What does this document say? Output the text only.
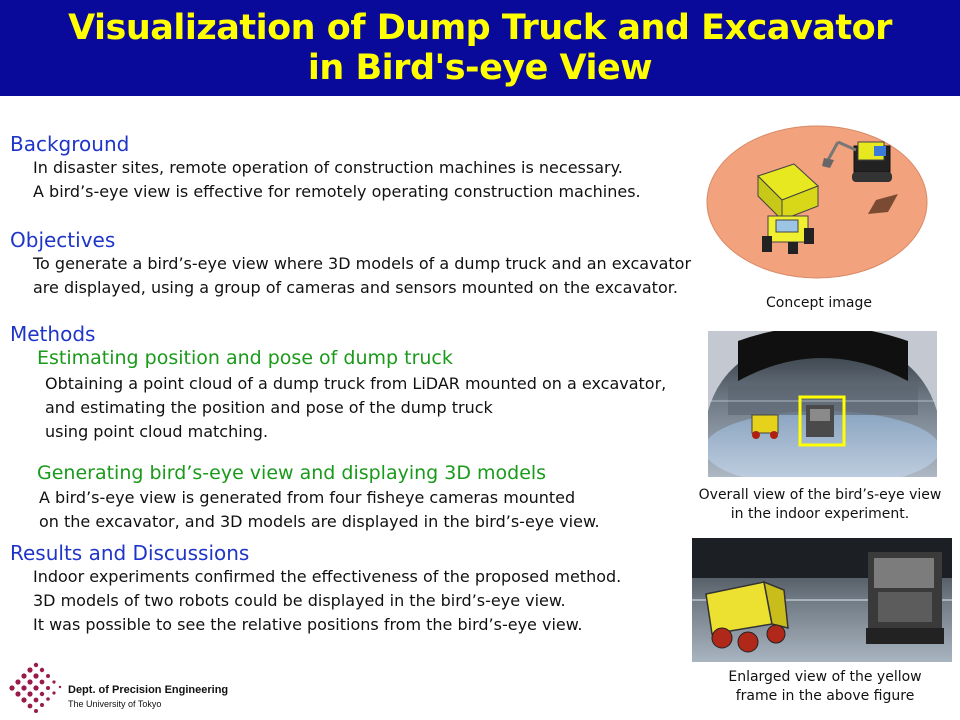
Visualization of Dump Truck and Excavator
in Bird's-eye View
Background
In disaster sites, remote operation of construction machines is necessary.
A bird’s-eye view is effective for remotely operating construction machines.
Objectives
To generate a bird’s-eye view where 3D models of a dump truck and an excavator
are displayed, using a group of cameras and sensors mounted on the excavator.
Methods
Estimating position and pose of dump truck
Obtaining a point cloud of a dump truck from LiDAR mounted on a excavator,
and estimating the position and pose of the dump truck
using point cloud matching.
Generating bird’s-eye view and displaying 3D models
A bird’s-eye view is generated from four fisheye cameras mounted
on the excavator, and 3D models are displayed in the bird’s-eye view.
Results and Discussions
Indoor experiments confirmed the effectiveness of the proposed method.
3D models of two robots could be displayed in the bird’s-eye view.
It was possible to see the relative positions from the bird’s-eye view.
Concept image
Overall view of the bird’s-eye view
in the indoor experiment.
Enlarged view of the yellow
frame in the above figure
Dept. of Precision Engineering
The University of Tokyo
